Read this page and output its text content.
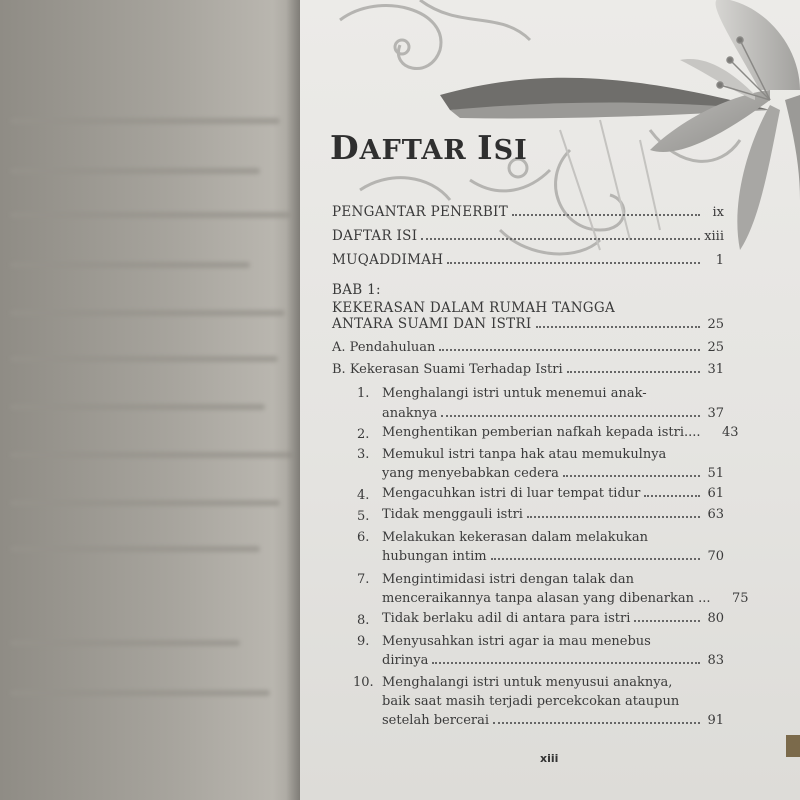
DAFTAR ISI
PENGANTAR PENERBIT	ix
DAFTAR ISI	xiii
MUQADDIMAH	1
BAB 1:
KEKERASAN DALAM RUMAH TANGGA
ANTARA SUAMI DAN ISTRI	25
A. Pendahuluan	25
B. Kekerasan Suami Terhadap Istri	31
1. Menghalangi istri untuk menemui anak-
anaknya	37
2. Menghentikan pemberian nafkah kepada istri.... 43
3. Memukul istri tanpa hak atau memukulnya
yang menyebabkan cedera	51
4. Mengacuhkan istri di luar tempat tidur	61
5. Tidak menggauli istri	63
6. Melakukan kekerasan dalam melakukan
hubungan intim	70
7. Mengintimidasi istri dengan talak dan
menceraikannya tanpa alasan yang dibenarkan ... 75
8. Tidak berlaku adil di antara para istri	80
9. Menyusahkan istri agar ia mau menebus
dirinya	83
10. Menghalangi istri untuk menyusui anaknya,
baik saat masih terjadi percekcokan ataupun
setelah bercerai	91
xiii
